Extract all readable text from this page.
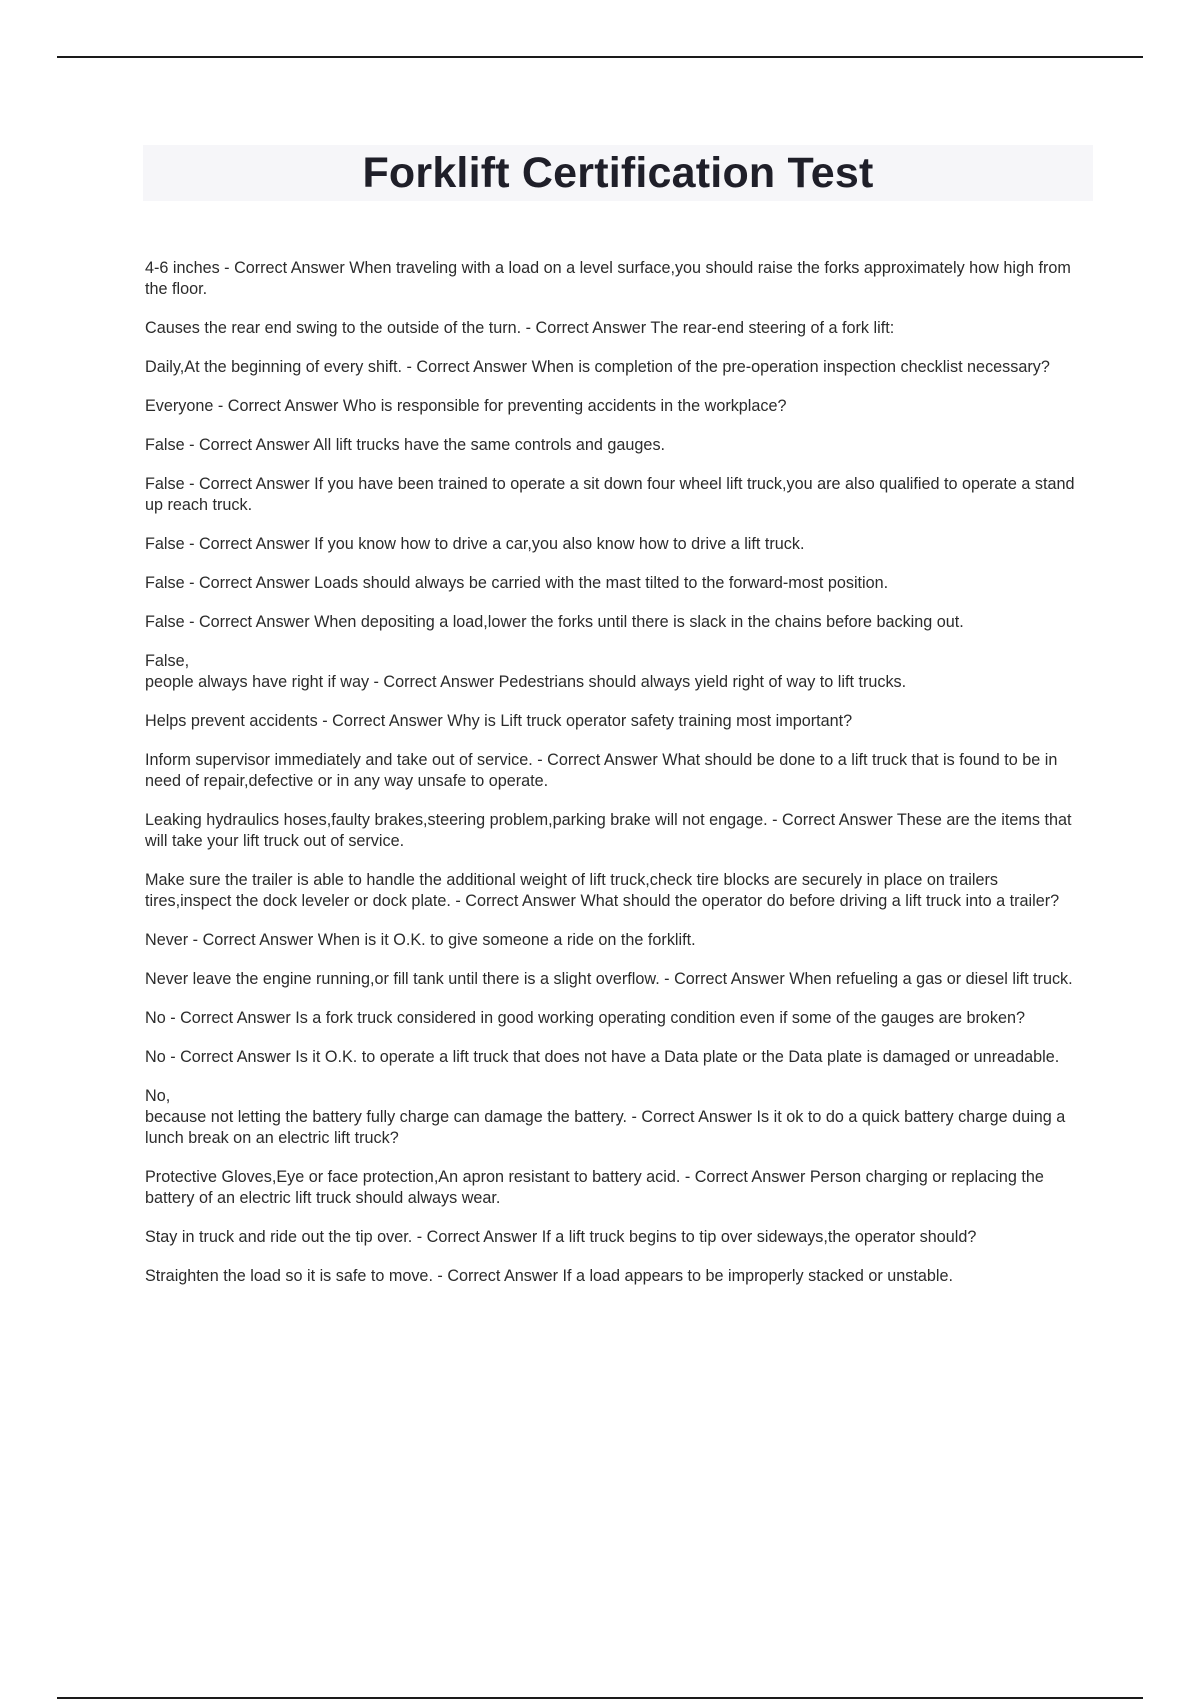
Forklift Certification Test

4-6 inches - Correct Answer When traveling with a load on a level surface,you should raise the forks approximately how high from the floor.

Causes the rear end swing to the outside of the turn. - Correct Answer The rear-end steering of a fork lift:

Daily,At the beginning of every shift. - Correct Answer When is completion of the pre-operation inspection checklist necessary?

Everyone - Correct Answer Who is responsible for preventing accidents in the workplace?

False - Correct Answer All lift trucks have the same controls and gauges.

False - Correct Answer If you have been trained to operate a sit down four wheel lift truck,you are also qualified to operate a stand up reach truck.

False - Correct Answer If you know how to drive a car,you also know how to drive a lift truck.

False - Correct Answer Loads should always be carried with the mast tilted to the forward-most position.

False - Correct Answer When depositing a load,lower the forks until there is slack in the chains before backing out.

False,
people always have right if way - Correct Answer Pedestrians should always yield right of way to lift trucks.

Helps prevent accidents - Correct Answer Why is Lift truck operator safety training most important?

Inform supervisor immediately and take out of service. - Correct Answer What should be done to a lift truck that is found to be in need of repair,defective or in any way unsafe to operate.

Leaking hydraulics hoses,faulty brakes,steering problem,parking brake will not engage. - Correct Answer These are the items that will take your lift truck out of service.

Make sure the trailer is able to handle the additional weight of lift truck,check tire blocks are securely in place on trailers tires,inspect the dock leveler or dock plate. - Correct Answer What should the operator do before driving a lift truck into a trailer?

Never - Correct Answer When is it O.K. to give someone a ride on the forklift.

Never leave the engine running,or fill tank until there is a slight overflow. - Correct Answer When refueling a gas or diesel lift truck.

No - Correct Answer Is a fork truck considered in good working operating condition even if some of the gauges are broken?

No - Correct Answer Is it O.K. to operate a lift truck that does not have a Data plate or the Data plate is damaged or unreadable.

No,
because not letting the battery fully charge can damage the battery. - Correct Answer Is it ok to do a quick battery charge duing a lunch break on an electric lift truck?

Protective Gloves,Eye or face protection,An apron resistant to battery acid. - Correct Answer Person charging or replacing the battery of an electric lift truck should always wear.

Stay in truck and ride out the tip over. - Correct Answer If a lift truck begins to tip over sideways,the operator should?

Straighten the load so it is safe to move. - Correct Answer If a load appears to be improperly stacked or unstable.
